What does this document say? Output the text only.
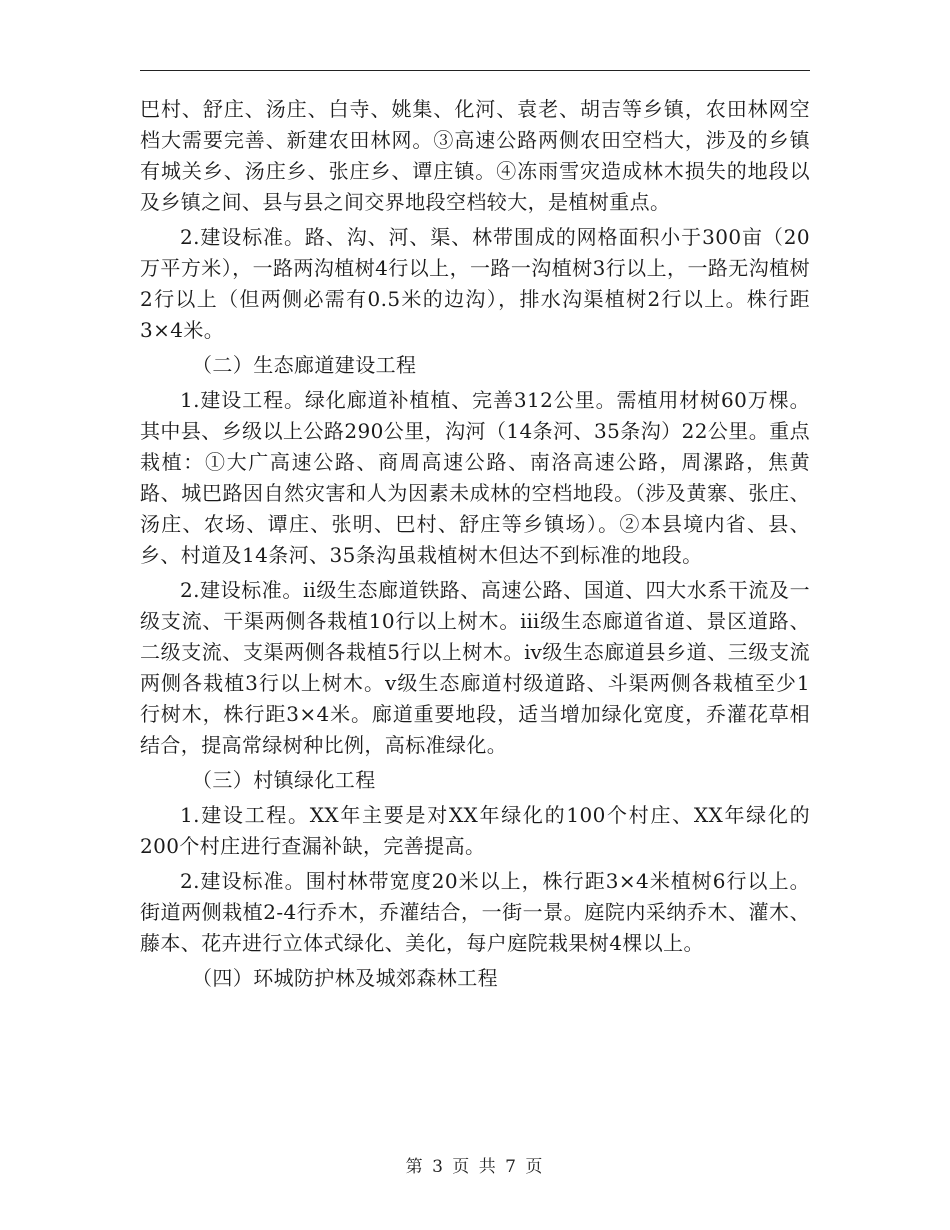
巴村、舒庄、汤庄、白寺、姚集、化河、袁老、胡吉等乡镇，农田林网空档大需要完善、新建农田林网。③高速公路两侧农田空档大，涉及的乡镇有城关乡、汤庄乡、张庄乡、谭庄镇。④冻雨雪灾造成林木损失的地段以及乡镇之间、县与县之间交界地段空档较大，是植树重点。

2.建设标准。路、沟、河、渠、林带围成的网格面积小于300亩（20万平方米），一路两沟植树4行以上，一路一沟植树3行以上，一路无沟植树2行以上（但两侧必需有0.5米的边沟），排水沟渠植树2行以上。株行距3×4米。

（二）生态廊道建设工程

1.建设工程。绿化廊道补植植、完善312公里。需植用材树60万棵。其中县、乡级以上公路290公里，沟河（14条河、35条沟）22公里。重点栽植：①大广高速公路、商周高速公路、南洛高速公路，周漯路，焦黄路、城巴路因自然灾害和人为因素未成林的空档地段。（涉及黄寨、张庄、汤庄、农场、谭庄、张明、巴村、舒庄等乡镇场）。②本县境内省、县、乡、村道及14条河、35条沟虽栽植树木但达不到标准的地段。

2.建设标准。ⅱ级生态廊道铁路、高速公路、国道、四大水系干流及一级支流、干渠两侧各栽植10行以上树木。ⅲ级生态廊道省道、景区道路、二级支流、支渠两侧各栽植5行以上树木。ⅳ级生态廊道县乡道、三级支流两侧各栽植3行以上树木。ⅴ级生态廊道村级道路、斗渠两侧各栽植至少1行树木，株行距3×4米。廊道重要地段，适当增加绿化宽度，乔灌花草相结合，提高常绿树种比例，高标准绿化。

（三）村镇绿化工程

1.建设工程。XX年主要是对XX年绿化的100个村庄、XX年绿化的200个村庄进行查漏补缺，完善提高。

2.建设标准。围村林带宽度20米以上，株行距3×4米植树6行以上。街道两侧栽植2-4行乔木，乔灌结合，一街一景。庭院内采纳乔木、灌木、藤本、花卉进行立体式绿化、美化，每户庭院栽果树4棵以上。

（四）环城防护林及城郊森林工程

第 3 页 共 7 页
